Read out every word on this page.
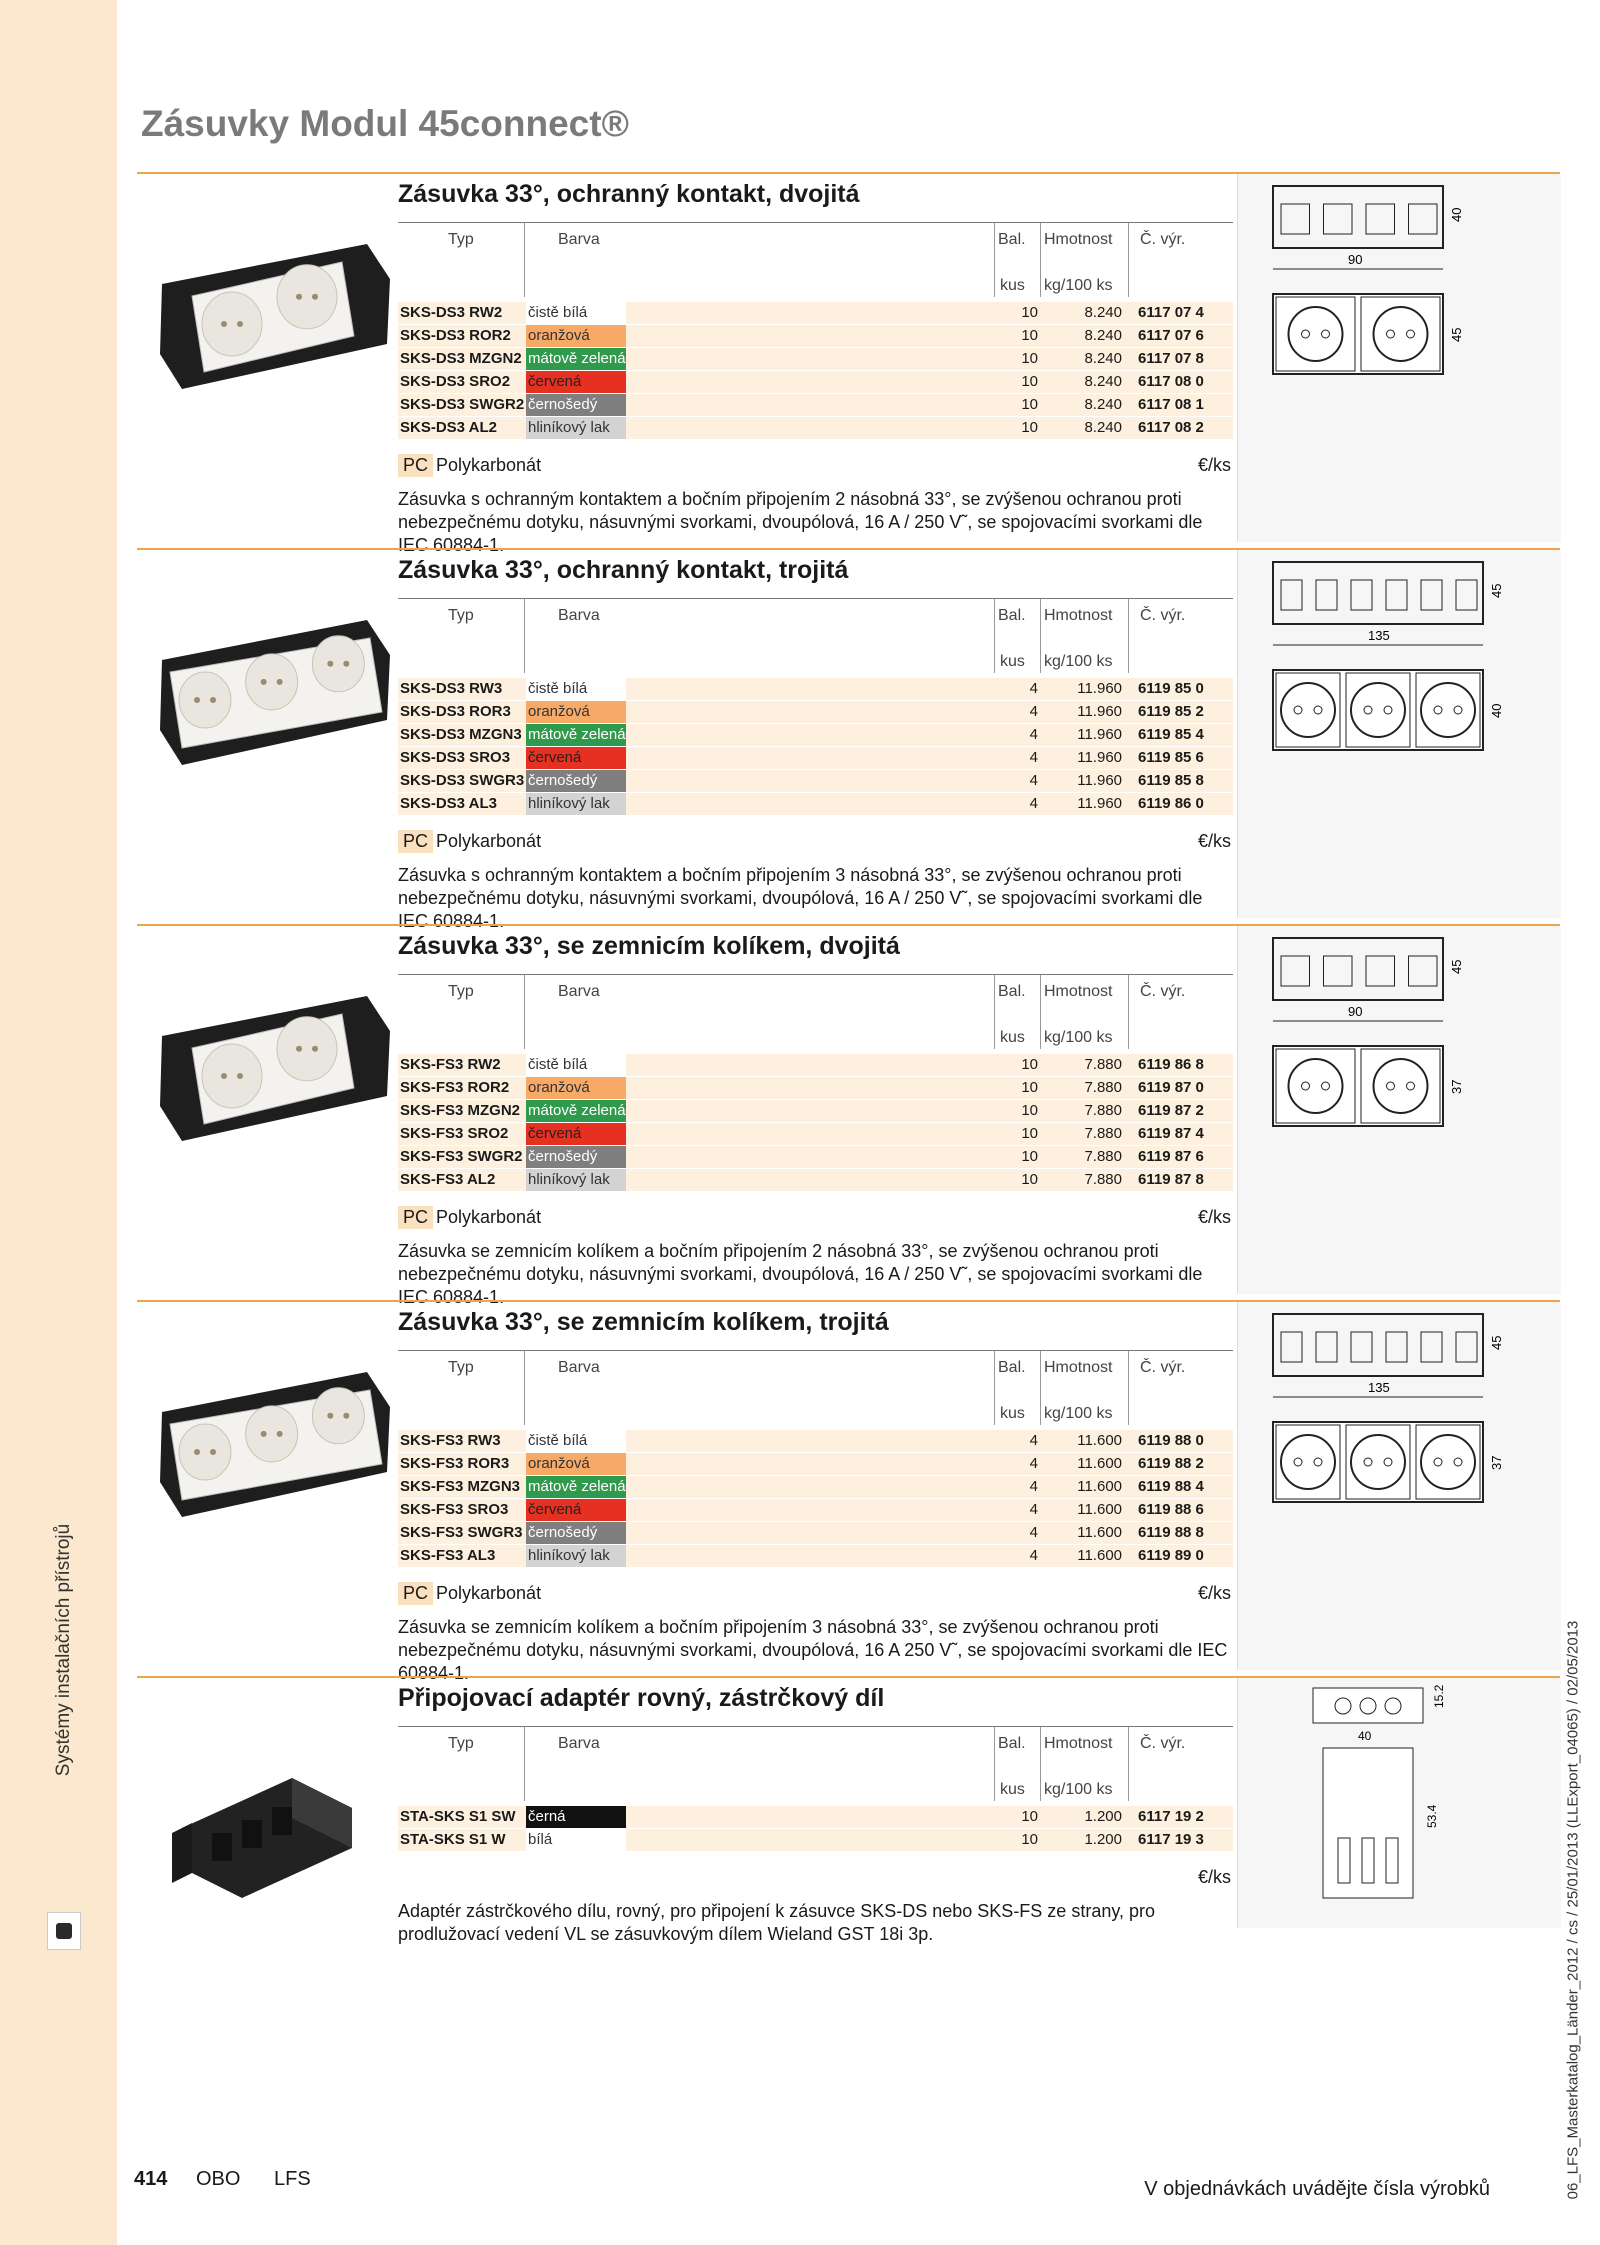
Systémy instalačních přístrojů	06_LFS_Masterkatalog_Länder_2012 / cs / 25/01/2013 (LLExport_04065) / 02/05/2013
Zásuvky Modul 45connect®
Zásuvka 33°, ochranný kontakt, dvojitá
Typ	Barva	Bal. Hmotnost Č. výr.
kus kg/100 ks
SKS-DS3 RW2	čistě bílá	10	8.240 6117 07 4
SKS-DS3 ROR2	oranžová	10	8.240 6117 07 6
SKS-DS3 MZGN2 mátově zelená	10	8.240 6117 07 8
SKS-DS3 SRO2	červená	10	8.240 6117 08 0
SKS-DS3 SWGR2 černošedý	10	8.240 6117 08 1
SKS-DS3 AL2	hliníkový lak	10	8.240 6117 08 2
PC Polykarbonát	€/ks

Zásuvka s ochranným kontaktem a bočním připojením 2 násobná 33°, se zvýšenou ochranou proti nebezpečnému dotyku, násuvnými svorkami, dvoupólová, 16 A / 250 V˜, se spojovacími svorkami dle IEC 60884-1.

40
90
45
Zásuvka 33°, ochranný kontakt, trojitá
Typ	Barva	Bal. Hmotnost Č. výr.
kus kg/100 ks
SKS-DS3 RW3	čistě bílá	4	11.960 6119 85 0
SKS-DS3 ROR3	oranžová	4	11.960 6119 85 2
SKS-DS3 MZGN3 mátově zelená	4	11.960 6119 85 4
SKS-DS3 SRO3	červená	4	11.960 6119 85 6
SKS-DS3 SWGR3 černošedý	4	11.960 6119 85 8
SKS-DS3 AL3	hliníkový lak	4	11.960 6119 86 0
PC Polykarbonát	€/ks

Zásuvka s ochranným kontaktem a bočním připojením 3 násobná 33°, se zvýšenou ochranou proti nebezpečnému dotyku, násuvnými svorkami, dvoupólová, 16 A / 250 V˜, se spojovacími svorkami dle IEC 60884-1.

45
135
40
Zásuvka 33°, se zemnicím kolíkem, dvojitá
Typ	Barva	Bal. Hmotnost Č. výr.
kus kg/100 ks
SKS-FS3 RW2	čistě bílá	10	7.880 6119 86 8
SKS-FS3 ROR2	oranžová	10	7.880 6119 87 0
SKS-FS3 MZGN2 mátově zelená	10	7.880 6119 87 2
SKS-FS3 SRO2	červená	10	7.880 6119 87 4
SKS-FS3 SWGR2 černošedý	10	7.880 6119 87 6
SKS-FS3 AL2	hliníkový lak	10	7.880 6119 87 8
PC Polykarbonát	€/ks

Zásuvka se zemnicím kolíkem a bočním připojením 2 násobná 33°, se zvýšenou ochranou proti nebezpečnému dotyku, násuvnými svorkami, dvoupólová, 16 A / 250 V˜, se spojovacími svorkami dle IEC 60884-1.

45
90
37
Zásuvka 33°, se zemnicím kolíkem, trojitá
Typ	Barva	Bal. Hmotnost Č. výr.
kus kg/100 ks
SKS-FS3 RW3	čistě bílá	4	11.600 6119 88 0
SKS-FS3 ROR3	oranžová	4	11.600 6119 88 2
SKS-FS3 MZGN3 mátově zelená	4	11.600 6119 88 4
SKS-FS3 SRO3	červená	4	11.600 6119 88 6
SKS-FS3 SWGR3 černošedý	4	11.600 6119 88 8
SKS-FS3 AL3	hliníkový lak	4	11.600 6119 89 0
PC Polykarbonát	€/ks

Zásuvka se zemnicím kolíkem a bočním připojením 3 násobná 33°, se zvýšenou ochranou proti nebezpečnému dotyku, násuvnými svorkami, dvoupólová, 16 A 250 V˜, se spojovacími svorkami dle IEC 60884-1.

45
135
37
Připojovací adaptér rovný, zástrčkový díl
Typ	Barva	Bal. Hmotnost Č. výr.
kus kg/100 ks
STA-SKS S1 SW černá	10	1.200 6117 19 2
STA-SKS S1 W	bílá	10	1.200 6117 19 3
€/ks

Adaptér zástrčkového dílu, rovný, pro připojení k zásuvce SKS-DS nebo SKS-FS ze strany, pro prodlužovací vedení VL se zásuvkovým dílem Wieland GST 18i 3p.

15.2
40
53.4
414 OBO LFS	V objednávkách uvádějte čísla výrobků
